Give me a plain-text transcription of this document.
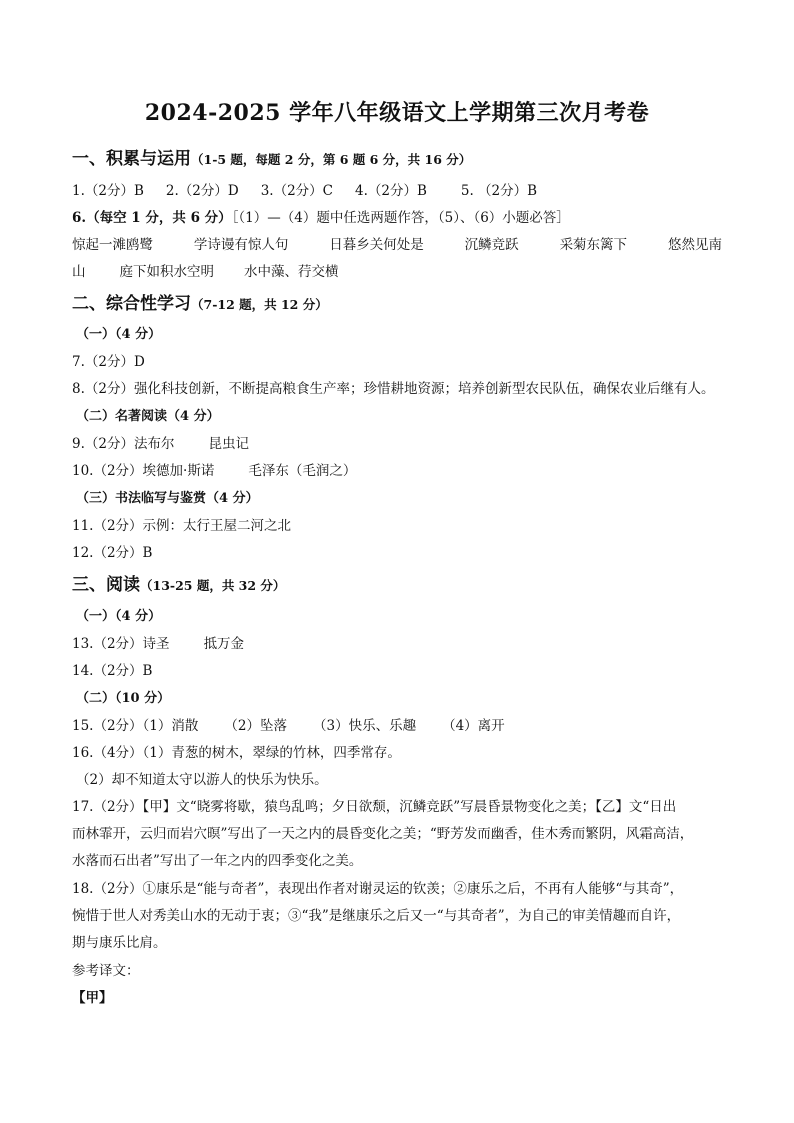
2024-2025 学年八年级语文上学期第三次月考卷
一、积累与运用（1-5 题，每题 2 分，第 6 题 6 分，共 16 分）
1.（2分）B 2.（2分）D 3.（2分）C 4.（2分）B	5. （2分）B
6.（每空 1 分，共 6 分）［（1）—（4）题中任选两题作答，（5）、（6）小题必答］
惊起一滩鸥鹭	学诗谩有惊人句	日暮乡关何处是	沉鳞竞跃	采菊东篱下	悠然见南
山	庭下如积水空明 水中藻、荇交横
二、综合性学习（7-12 题，共 12 分）
（一）（4 分）
7.（2分）D
8.（2分）强化科技创新，不断提高粮食生产率；珍惜耕地资源；培养创新型农民队伍，确保农业后继有人。
（二）名著阅读（4 分）
9.（2分）法布尔	昆虫记
10.（2分）埃德加·斯诺	毛泽东（毛润之）
（三）书法临写与鉴赏（4 分）
11.（2分）示例：太行王屋二河之北
12.（2分）B
三、阅读（13-25 题，共 32 分）
（一）（4 分）
13.（2分）诗圣	抵万金
14.（2分）B
（二）（10 分）
15.（2分）（1）消散 （2）坠落 （3）快乐、乐趣 （4）离开
16.（4分）（1）青葱的树木，翠绿的竹林，四季常存。
（2）却不知道太守以游人的快乐为快乐。
17.（2分）【甲】文“晓雾将歇，猿鸟乱鸣；夕日欲颓，沉鳞竞跃”写晨昏景物变化之美；【乙】文“日出
而林霏开，云归而岩穴暝”写出了一天之内的晨昏变化之美；“野芳发而幽香，佳木秀而繁阴，风霜高洁，
水落而石出者”写出了一年之内的四季变化之美。
18.（2分）①康乐是“能与奇者”，表现出作者对谢灵运的钦羡；②康乐之后，不再有人能够“与其奇”，
惋惜于世人对秀美山水的无动于衷；③“我”是继康乐之后又一“与其奇者”，为自己的审美情趣而自许，
期与康乐比肩。
参考译文：
【甲】
